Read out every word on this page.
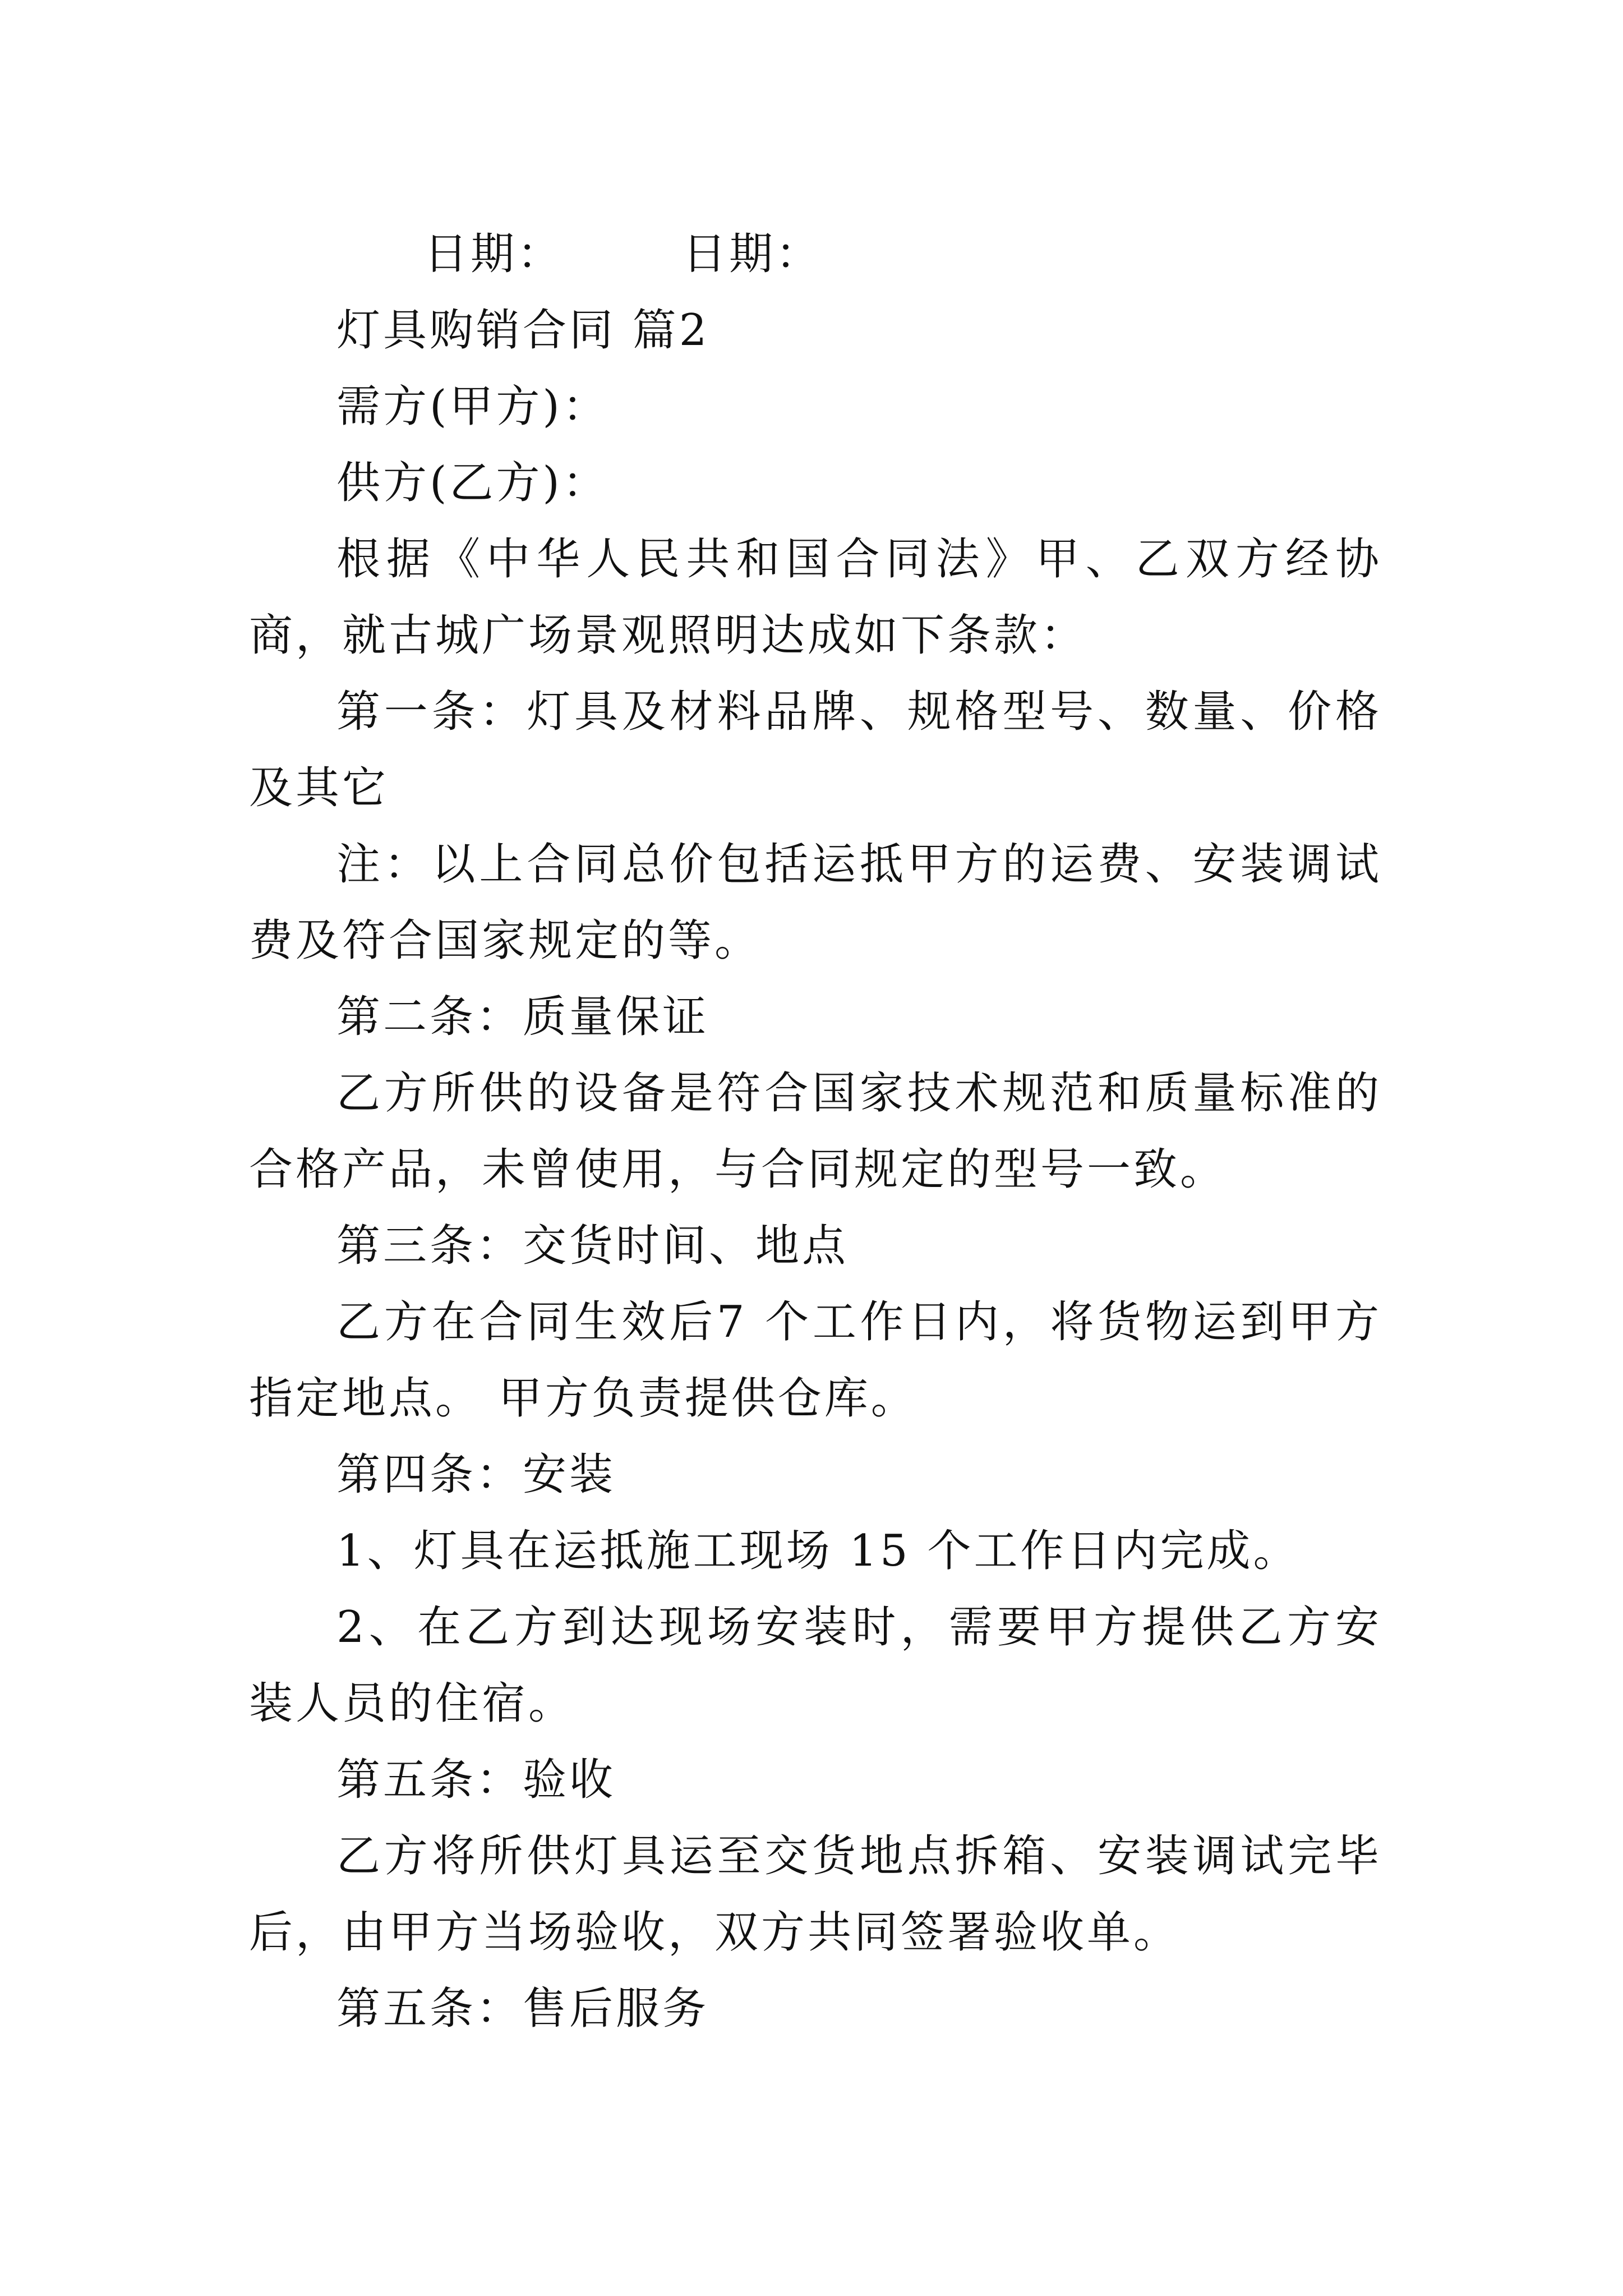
日期：	日期：

灯具购销合同 篇2

需方(甲方)：

供方(乙方)：

根据《中华人民共和国合同法》甲、乙双方经协商，就古城广场景观照明达成如下条款：

第一条：灯具及材料品牌、规格型号、数量、价格及其它

注：以上合同总价包括运抵甲方的运费、安装调试费及符合国家规定的等。

第二条：质量保证

乙方所供的设备是符合国家技术规范和质量标准的合格产品，未曾使用，与合同规定的型号一致。

第三条：交货时间、地点

乙方在合同生效后7 个工作日内，将货物运到甲方指定地点。 甲方负责提供仓库。

第四条：安装

1、灯具在运抵施工现场 15 个工作日内完成。

2、在乙方到达现场安装时，需要甲方提供乙方安装人员的住宿。

第五条：验收

乙方将所供灯具运至交货地点拆箱、安装调试完毕后，由甲方当场验收，双方共同签署验收单。

第五条：售后服务
